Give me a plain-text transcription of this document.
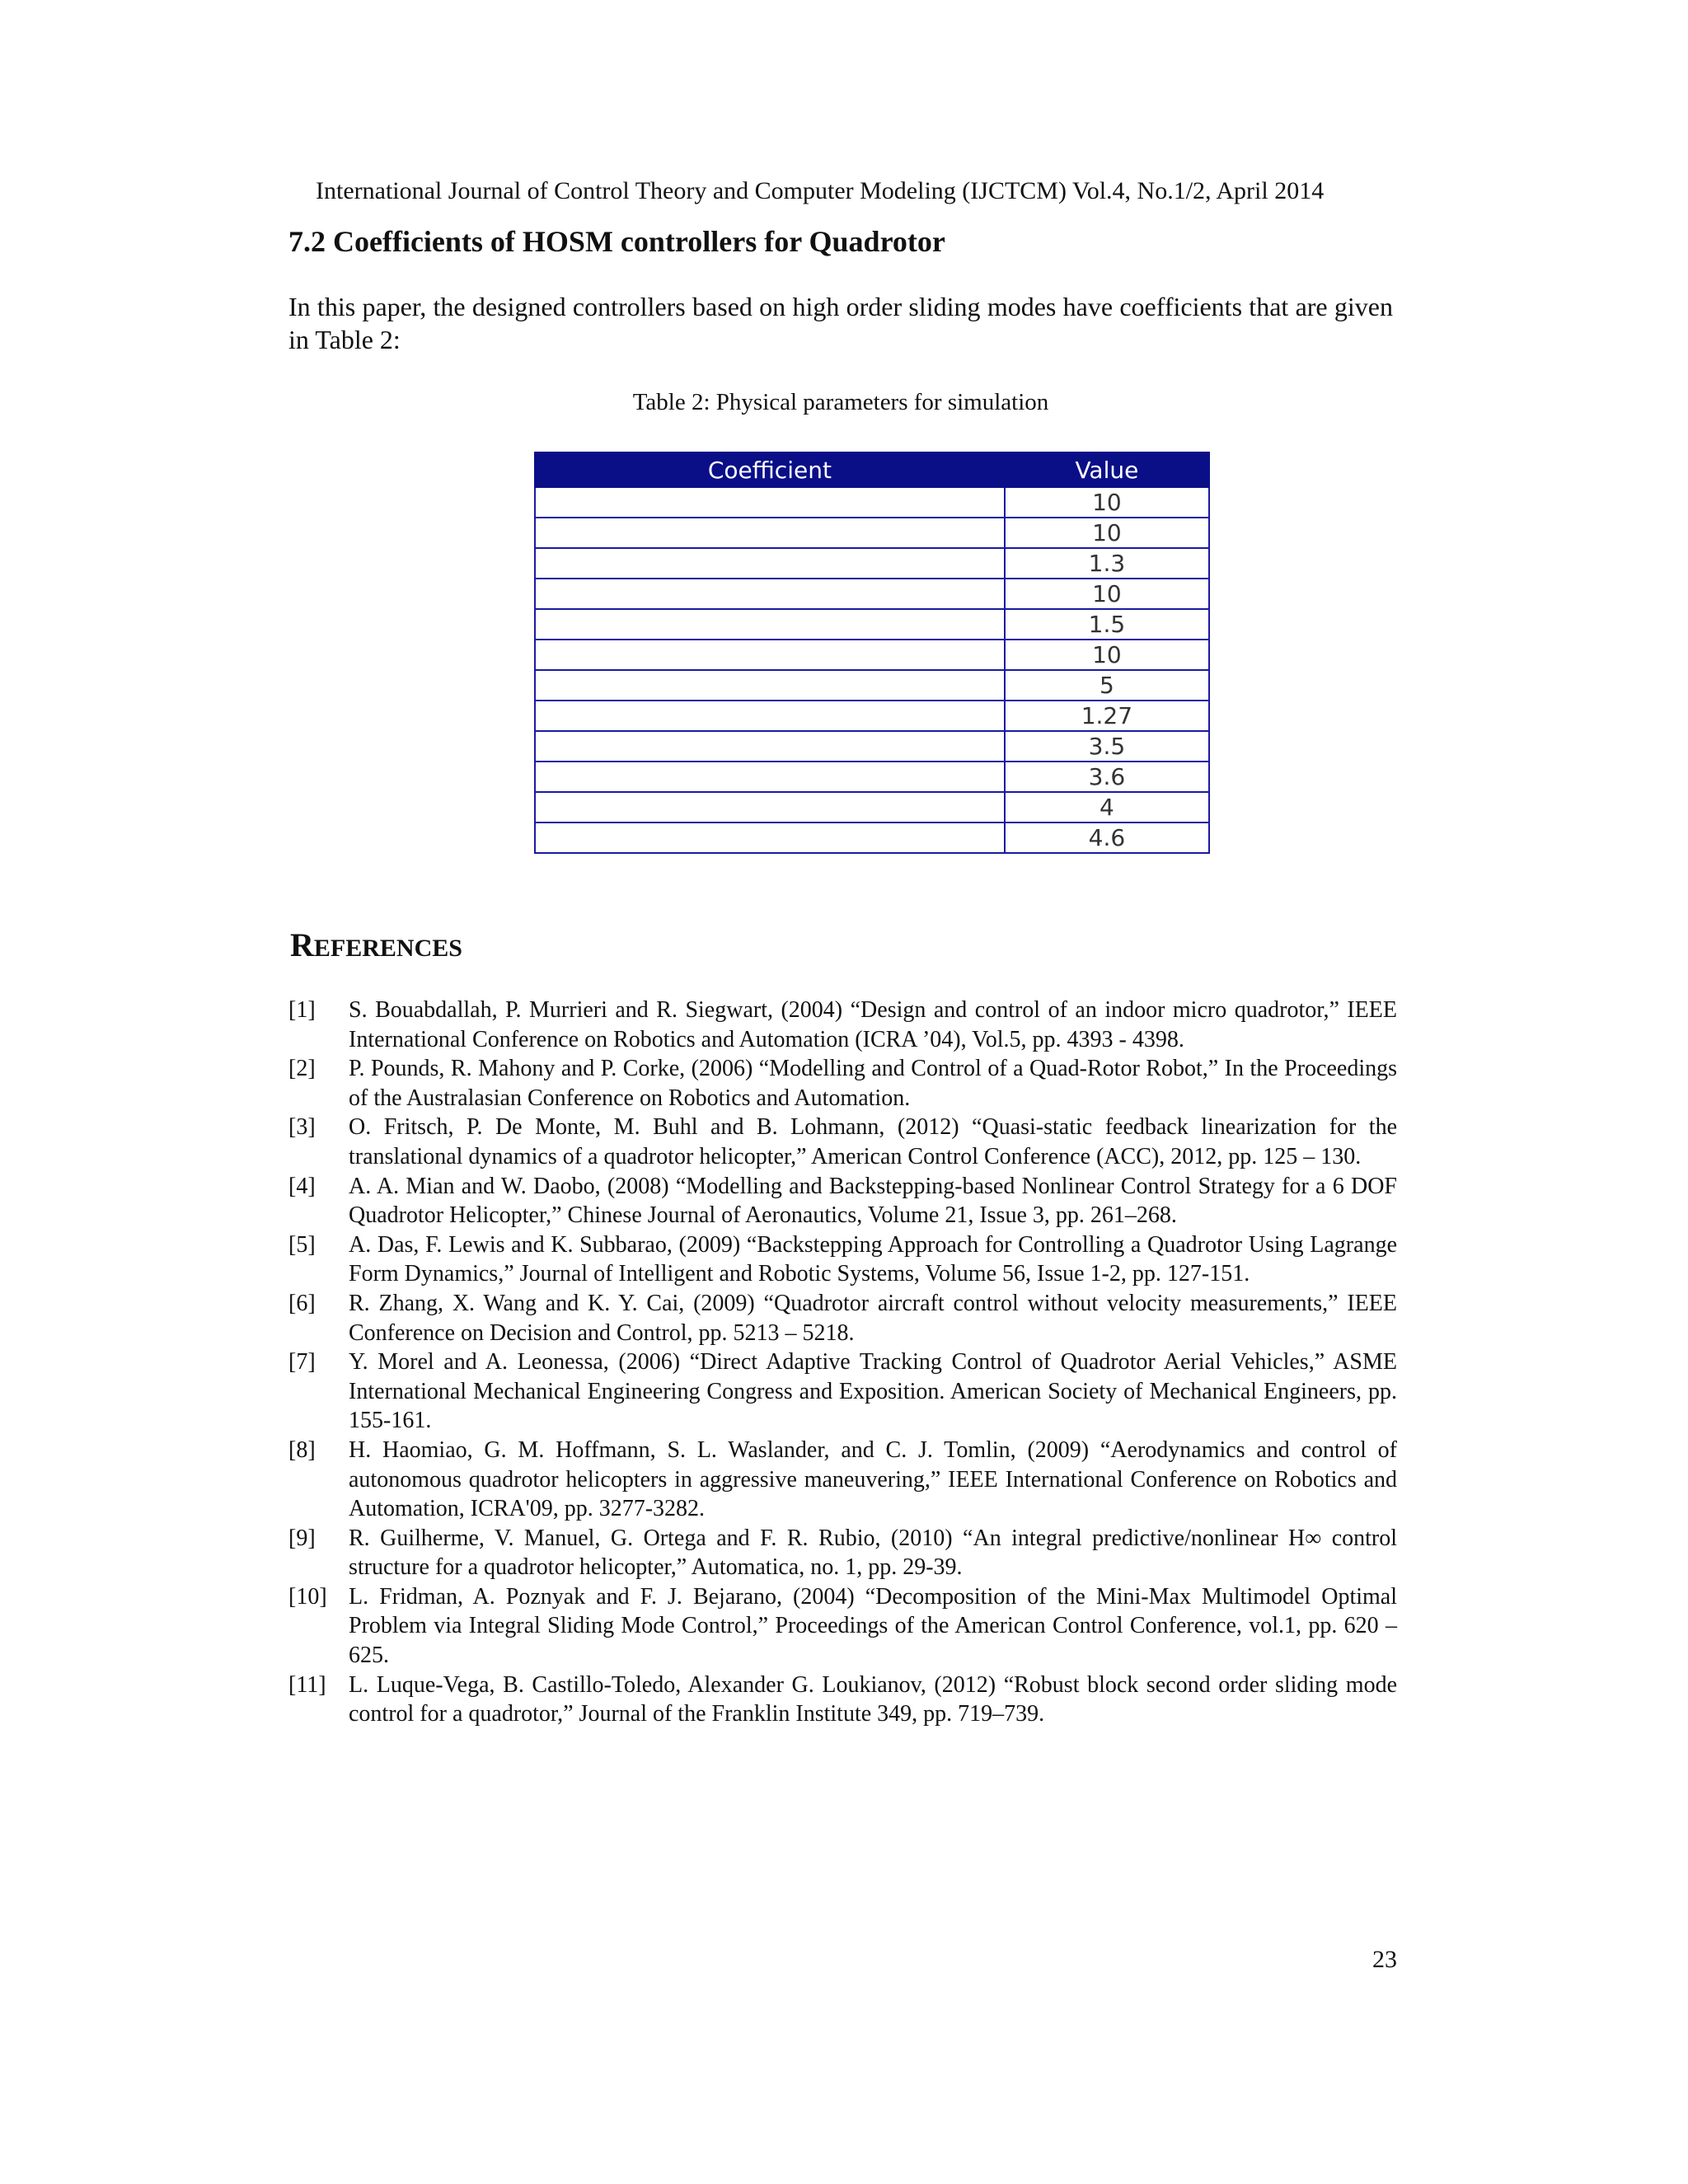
International Journal of Control Theory and Computer Modeling (IJCTCM) Vol.4, No.1/2, April 2014
7.2 Coefficients of HOSM controllers for Quadrotor

In this paper, the designed controllers based on high order sliding modes have coefficients that are given in Table 2:

Table 2: Physical parameters for simulation
Coefficient	Value
	10
	10
	1.3
	10
	1.5
	10
	5
	1.27
	3.5
	3.6
	4
	4.6
REFERENCES
[1] S. Bouabdallah, P. Murrieri and R. Siegwart, (2004) “Design and control of an indoor micro quadrotor,” IEEE International Conference on Robotics and Automation (ICRA ’04), Vol.5, pp. 4393 - 4398.
[2] P. Pounds, R. Mahony and P. Corke, (2006) “Modelling and Control of a Quad-Rotor Robot,” In the Proceedings of the Australasian Conference on Robotics and Automation.
[3] O. Fritsch, P. De Monte, M. Buhl and B. Lohmann, (2012) “Quasi-static feedback linearization for the translational dynamics of a quadrotor helicopter,” American Control Conference (ACC), 2012, pp. 125 – 130.
[4] A. A. Mian and W. Daobo, (2008) “Modelling and Backstepping-based Nonlinear Control Strategy for a 6 DOF Quadrotor Helicopter,” Chinese Journal of Aeronautics, Volume 21, Issue 3, pp. 261–268.
[5] A. Das, F. Lewis and K. Subbarao, (2009) “Backstepping Approach for Controlling a Quadrotor Using Lagrange Form Dynamics,” Journal of Intelligent and Robotic Systems, Volume 56, Issue 1-2, pp. 127-151.
[6] R. Zhang, X. Wang and K. Y. Cai, (2009) “Quadrotor aircraft control without velocity measurements,” IEEE Conference on Decision and Control, pp. 5213 – 5218.
[7] Y. Morel and A. Leonessa, (2006) “Direct Adaptive Tracking Control of Quadrotor Aerial Vehicles,” ASME International Mechanical Engineering Congress and Exposition. American Society of Mechanical Engineers, pp. 155-161.
[8] H. Haomiao, G. M. Hoffmann, S. L. Waslander, and C. J. Tomlin, (2009) “Aerodynamics and control of autonomous quadrotor helicopters in aggressive maneuvering,” IEEE International Conference on Robotics and Automation, ICRA'09, pp. 3277-3282.
[9] R. Guilherme, V. Manuel, G. Ortega and F. R. Rubio, (2010) “An integral predictive/nonlinear H∞ control structure for a quadrotor helicopter,” Automatica, no. 1, pp. 29-39.
[10] L. Fridman, A. Poznyak and F. J. Bejarano, (2004) “Decomposition of the Mini-Max Multimodel Optimal Problem via Integral Sliding Mode Control,” Proceedings of the American Control Conference, vol.1, pp. 620 – 625.
[11] L. Luque-Vega, B. Castillo-Toledo, Alexander G. Loukianov, (2012) “Robust block second order sliding mode control for a quadrotor,” Journal of the Franklin Institute 349, pp. 719–739.
23
